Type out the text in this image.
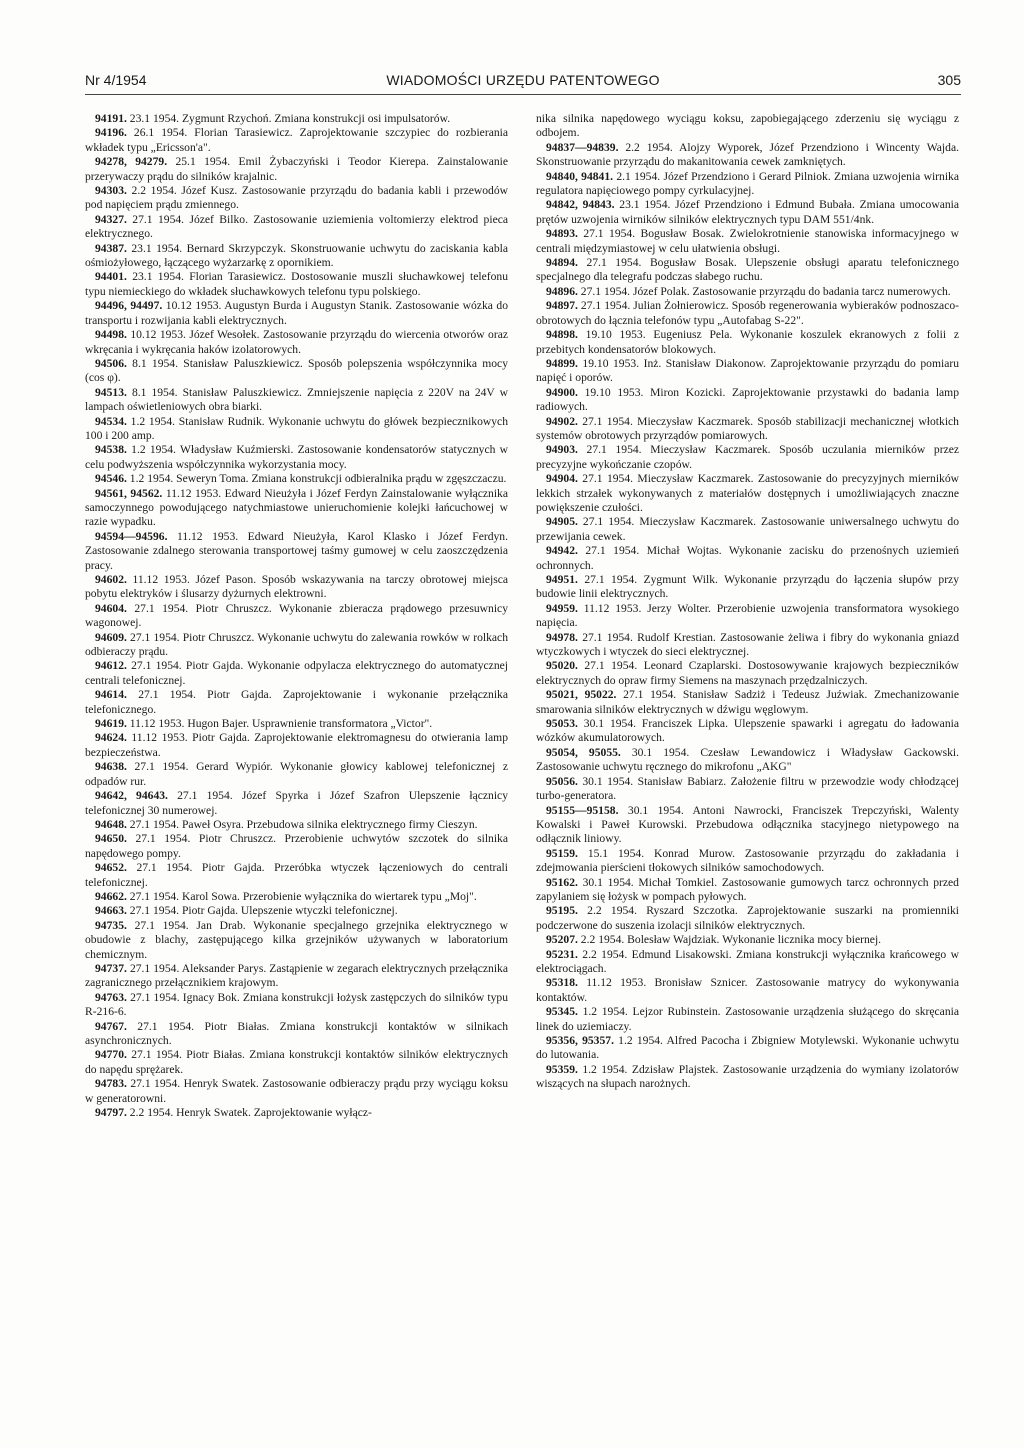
Nr 4/1954	WIADOMOŚCI URZĘDU PATENTOWEGO	305

94191. 23.1 1954. Zygmunt Rzychoń. Zmiana konstrukcji osi impulsatorów.

94196. 26.1 1954. Florian Tarasiewicz. Zaprojektowanie szczypiec do rozbierania wkładek typu „Ericsson'a".

94278, 94279. 25.1 1954. Emil Żybaczyński i Teodor Kierepa. Zainstalowanie przerywaczy prądu do silników krajalnic.

94303. 2.2 1954. Józef Kusz. Zastosowanie przyrządu do badania kabli i przewodów pod napięciem prądu zmiennego.

94327. 27.1 1954. Józef Bilko. Zastosowanie uziemienia voltomierzy elektrod pieca elektrycznego.

94387. 23.1 1954. Bernard Skrzypczyk. Skonstruowanie uchwytu do zaciskania kabla ośmiożyłowego, łączącego wyżarzarkę z opornikiem.

94401. 23.1 1954. Florian Tarasiewicz. Dostosowanie muszli słuchawkowej telefonu typu niemieckiego do wkładek słuchawkowych telefonu typu polskiego.

94496, 94497. 10.12 1953. Augustyn Burda i Augustyn Stanik. Zastosowanie wózka do transportu i rozwijania kabli elektrycznych.

94498. 10.12 1953. Józef Wesołek. Zastosowanie przyrządu do wiercenia otworów oraz wkręcania i wykręcania haków izolatorowych.

94506. 8.1 1954. Stanisław Paluszkiewicz. Sposób polepszenia współczynnika mocy (cos φ).

94513. 8.1 1954. Stanisław Paluszkiewicz. Zmniejszenie napięcia z 220V na 24V w lampach oświetleniowych obra biarki.

94534. 1.2 1954. Stanisław Rudnik. Wykonanie uchwytu do główek bezpiecznikowych 100 i 200 amp.

94538. 1.2 1954. Władysław Kuźmierski. Zastosowanie kondensatorów statycznych w celu podwyższenia współczynnika wykorzystania mocy.

94546. 1.2 1954. Seweryn Toma. Zmiana konstrukcji odbieralnika prądu w zgęszczaczu.

94561, 94562. 11.12 1953. Edward Nieużyła i Józef Ferdyn Zainstalowanie wyłącznika samoczynnego powodującego natychmiastowe unieruchomienie kolejki łańcuchowej w razie wypadku.

94594—94596. 11.12 1953. Edward Nieużyła, Karol Klasko i Józef Ferdyn. Zastosowanie zdalnego sterowania transportowej taśmy gumowej w celu zaoszczędzenia pracy.

94602. 11.12 1953. Józef Pason. Sposób wskazywania na tarczy obrotowej miejsca pobytu elektryków i ślusarzy dyżurnych elektrowni.

94604. 27.1 1954. Piotr Chruszcz. Wykonanie zbieracza prądowego przesuwnicy wagonowej.

94609. 27.1 1954. Piotr Chruszcz. Wykonanie uchwytu do zalewania rowków w rolkach odbieraczy prądu.

94612. 27.1 1954. Piotr Gajda. Wykonanie odpylacza elektrycznego do automatycznej centrali telefonicznej.

94614. 27.1 1954. Piotr Gajda. Zaprojektowanie i wykonanie przełącznika telefonicznego.

94619. 11.12 1953. Hugon Bajer. Usprawnienie transformatora „Victor".

94624. 11.12 1953. Piotr Gajda. Zaprojektowanie elektromagnesu do otwierania lamp bezpieczeństwa.

94638. 27.1 1954. Gerard Wypiór. Wykonanie głowicy kablowej telefonicznej z odpadów rur.

94642, 94643. 27.1 1954. Józef Spyrka i Józef Szafron Ulepszenie łącznicy telefonicznej 30 numerowej.

94648. 27.1 1954. Paweł Osyra. Przebudowa silnika elektrycznego firmy Cieszyn.

94650. 27.1 1954. Piotr Chruszcz. Przerobienie uchwytów szczotek do silnika napędowego pompy.

94652. 27.1 1954. Piotr Gajda. Przeróbka wtyczek łączeniowych do centrali telefonicznej.

94662. 27.1 1954. Karol Sowa. Przerobienie wyłącznika do wiertarek typu „Moj".

94663. 27.1 1954. Piotr Gajda. Ulepszenie wtyczki telefonicznej.

94735. 27.1 1954. Jan Drab. Wykonanie specjalnego grzejnika elektrycznego w obudowie z blachy, zastępującego kilka grzejników używanych w laboratorium chemicznym.

94737. 27.1 1954. Aleksander Parys. Zastąpienie w zegarach elektrycznych przełącznika zagranicznego przełącznikiem krajowym.

94763. 27.1 1954. Ignacy Bok. Zmiana konstrukcji łożysk zastępczych do silników typu R-216-6.

94767. 27.1 1954. Piotr Białas. Zmiana konstrukcji kontaktów w silnikach asynchronicznych.

94770. 27.1 1954. Piotr Białas. Zmiana konstrukcji kontaktów silników elektrycznych do napędu sprężarek.

94783. 27.1 1954. Henryk Swatek. Zastosowanie odbieraczy prądu przy wyciągu koksu w generatorowni.

94797. 2.2 1954. Henryk Swatek. Zaprojektowanie wyłącz-

nika silnika napędowego wyciągu koksu, zapobiegającego zderzeniu się wyciągu z odbojem.

94837—94839. 2.2 1954. Alojzy Wyporek, Józef Przendziono i Wincenty Wajda. Skonstruowanie przyrządu do makanitowania cewek zamkniętych.

94840, 94841. 2.1 1954. Józef Przendziono i Gerard Pilniok. Zmiana uzwojenia wirnika regulatora napięciowego pompy cyrkulacyjnej.

94842, 94843. 23.1 1954. Józef Przendziono i Edmund Bubała. Zmiana umocowania prętów uzwojenia wirników silników elektrycznych typu DAM 551/4nk.

94893. 27.1 1954. Bogusław Bosak. Zwielokrotnienie stanowiska informacyjnego w centrali międzymiastowej w celu ułatwienia obsługi.

94894. 27.1 1954. Bogusław Bosak. Ulepszenie obsługi aparatu telefonicznego specjalnego dla telegrafu podczas słabego ruchu.

94896. 27.1 1954. Józef Polak. Zastosowanie przyrządu do badania tarcz numerowych.

94897. 27.1 1954. Julian Żołnierowicz. Sposób regenerowania wybieraków podnoszaco-obrotowych do łącznia telefonów typu „Autofabag S-22".

94898. 19.10 1953. Eugeniusz Pela. Wykonanie koszulek ekranowych z folii z przebitych kondensatorów blokowych.

94899. 19.10 1953. Inż. Stanisław Diakonow. Zaprojektowanie przyrządu do pomiaru napięć i oporów.

94900. 19.10 1953. Miron Kozicki. Zaprojektowanie przystawki do badania lamp radiowych.

94902. 27.1 1954. Mieczysław Kaczmarek. Sposób stabilizacji mechanicznej włotkich systemów obrotowych przyrządów pomiarowych.

94903. 27.1 1954. Mieczysław Kaczmarek. Sposób uczulania mierników przez precyzyjne wykończanie czopów.

94904. 27.1 1954. Mieczysław Kaczmarek. Zastosowanie do precyzyjnych mierników lekkich strzałek wykonywanych z materiałów dostępnych i umożliwiających znaczne powiększenie czułości.

94905. 27.1 1954. Mieczysław Kaczmarek. Zastosowanie uniwersalnego uchwytu do przewijania cewek.

94942. 27.1 1954. Michał Wojtas. Wykonanie zacisku do przenośnych uziemień ochronnych.

94951. 27.1 1954. Zygmunt Wilk. Wykonanie przyrządu do łączenia słupów przy budowie linii elektrycznych.

94959. 11.12 1953. Jerzy Wolter. Przerobienie uzwojenia transformatora wysokiego napięcia.

94978. 27.1 1954. Rudolf Krestian. Zastosowanie żeliwa i fibry do wykonania gniazd wtyczkowych i wtyczek do sieci elektrycznej.

95020. 27.1 1954. Leonard Czaplarski. Dostosowywanie krajowych bezpieczników elektrycznych do opraw firmy Siemens na maszynach przędzalniczych.

95021, 95022. 27.1 1954. Stanisław Sadziż i Tedeusz Juźwiak. Zmechanizowanie smarowania silników elektrycznych w dźwigu węglowym.

95053. 30.1 1954. Franciszek Lipka. Ulepszenie spawarki i agregatu do ładowania wózków akumulatorowych.

95054, 95055. 30.1 1954. Czesław Lewandowicz i Władysław Gackowski. Zastosowanie uchwytu ręcznego do mikrofonu „AKG"

95056. 30.1 1954. Stanisław Babiarz. Założenie filtru w przewodzie wody chłodzącej turbo-generatora.

95155—95158. 30.1 1954. Antoni Nawrocki, Franciszek Trepczyński, Walenty Kowalski i Paweł Kurowski. Przebudowa odłącznika stacyjnego nietypowego na odłącznik liniowy.

95159. 15.1 1954. Konrad Murow. Zastosowanie przyrządu do zakładania i zdejmowania pierścieni tłokowych silników samochodowych.

95162. 30.1 1954. Michał Tomkiel. Zastosowanie gumowych tarcz ochronnych przed zapylaniem się łożysk w pompach pyłowych.

95195. 2.2 1954. Ryszard Szczotka. Zaprojektowanie suszarki na promienniki podczerwone do suszenia izolacji silników elektrycznych.

95207. 2.2 1954. Bolesław Wajdziak. Wykonanie licznika mocy biernej.

95231. 2.2 1954. Edmund Lisakowski. Zmiana konstrukcji wyłącznika krańcowego w elektrociągach.

95318. 11.12 1953. Bronisław Sznicer. Zastosowanie matrycy do wykonywania kontaktów.

95345. 1.2 1954. Lejzor Rubinstein. Zastosowanie urządzenia służącego do skręcania linek do uziemiaczy.

95356, 95357. 1.2 1954. Alfred Pacocha i Zbigniew Motylewski. Wykonanie uchwytu do lutowania.

95359. 1.2 1954. Zdzisław Plajstek. Zastosowanie urządzenia do wymiany izolatorów wiszących na słupach narożnych.
